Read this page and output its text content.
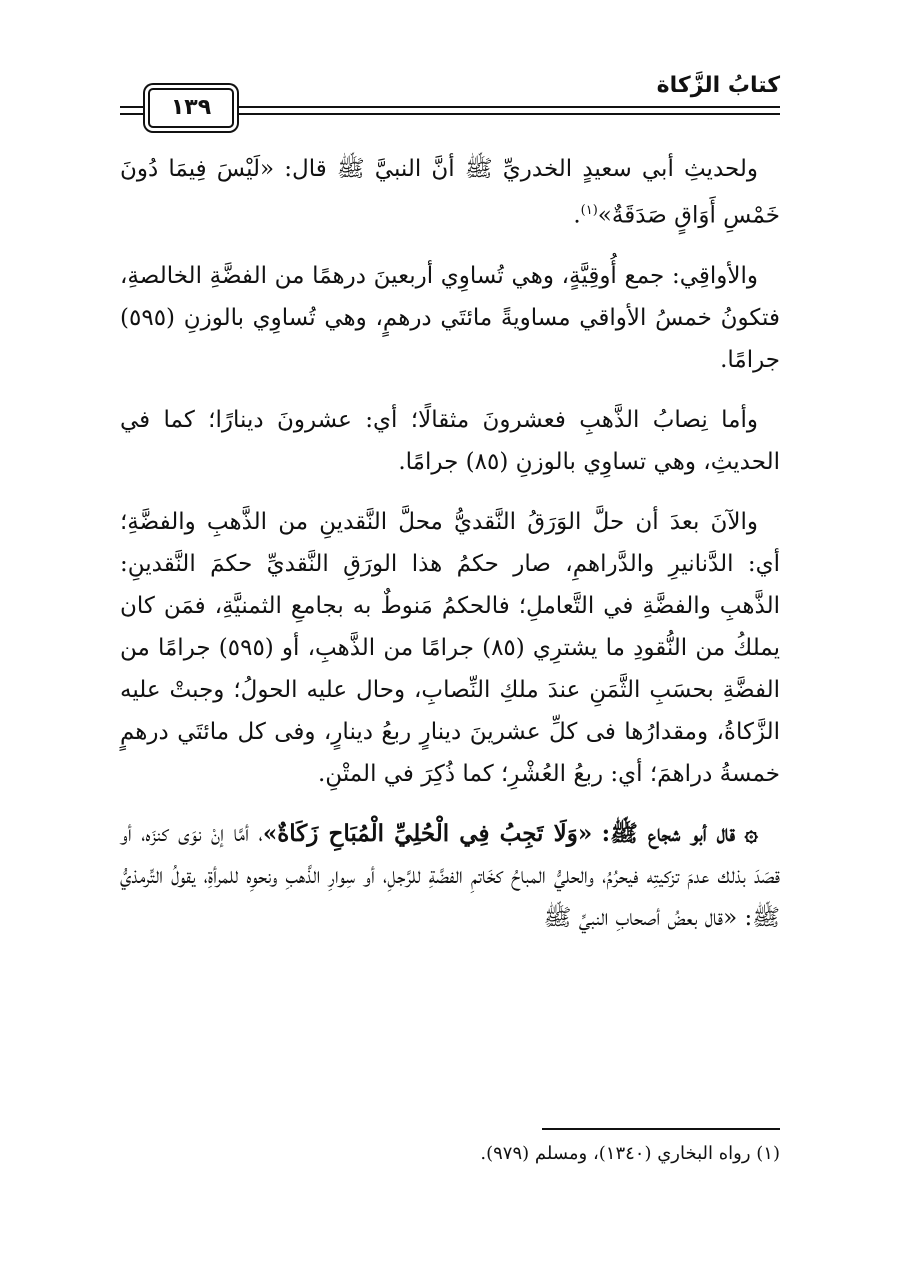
كتابُ الزَّكاة
١٣٩

ولحديثِ أبي سعيدٍ الخدريِّ ﷺ أنَّ النبيَّ ﷺ قال: «لَيْسَ فِيمَا دُونَ خَمْسِ أَوَاقٍ صَدَقَةٌ»$^{(١)}$.

والأواقِي: جمع أُوقِيَّةٍ، وهي تُساوِي أربعينَ درهمًا من الفضَّةِ الخالصةِ، فتكونُ خمسُ الأواقي مساويةً مائتَي درهمٍ، وهي تُساوِي بالوزنِ (٥٩٥) جرامًا.

وأما نِصابُ الذَّهبِ فعشرونَ مثقالًا؛ أي: عشرونَ دينارًا؛ كما في الحديثِ، وهي تساوِي بالوزنِ (٨٥) جرامًا.

والآنَ بعدَ أن حلَّ الوَرَقُ النَّقديُّ محلَّ النَّقدينِ من الذَّهبِ والفضَّةِ؛ أي: الدَّنانيرِ والدَّراهمِ، صار حكمُ هذا الورَقِ النَّقديِّ حكمَ النَّقدينِ: الذَّهبِ والفضَّةِ في التَّعاملِ؛ فالحكمُ مَنوطٌ به بجامعِ الثمنيَّةِ، فمَن كان يملكُ من النُّقودِ ما يشترِي (٨٥) جرامًا من الذَّهبِ، أو (٥٩٥) جرامًا من الفضَّةِ بحسَبِ الثَّمَنِ عندَ ملكِ النِّصابِ، وحال عليه الحولُ؛ وجبتْ عليه الزَّكاةُ، ومقدارُها فى كلِّ عشرينَ دينارٍ ربعُ دينارٍ، وفى كل مائتَي درهمٍ خمسةُ دراهمَ؛ أي: ربعُ العُشْرِ؛ كما ذُكِرَ في المتْنِ.

۞ قال أبو شجاع ﷺ: «وَلَا تَجِبُ فِي الْحُلِيِّ الْمُبَاحِ زَكَاةٌ»، أمَّا إنْ نوَى كنزَه، أو قصَدَ بذلك عدمَ تزكيتِه فيحرُمُ، والحليُّ المباحُ كخَاتمِ الفضَّةِ للرَّجلِ، أو سِوارِ الذَّهبِ ونحوِه للمرأةِ، يقولُ التِّرمذيُّ ﷺ: «قال بعضُ أصحابِ النبيِّ ﷺ

(١) رواه البخاري (١٣٤٠)، ومسلم (٩٧٩).
